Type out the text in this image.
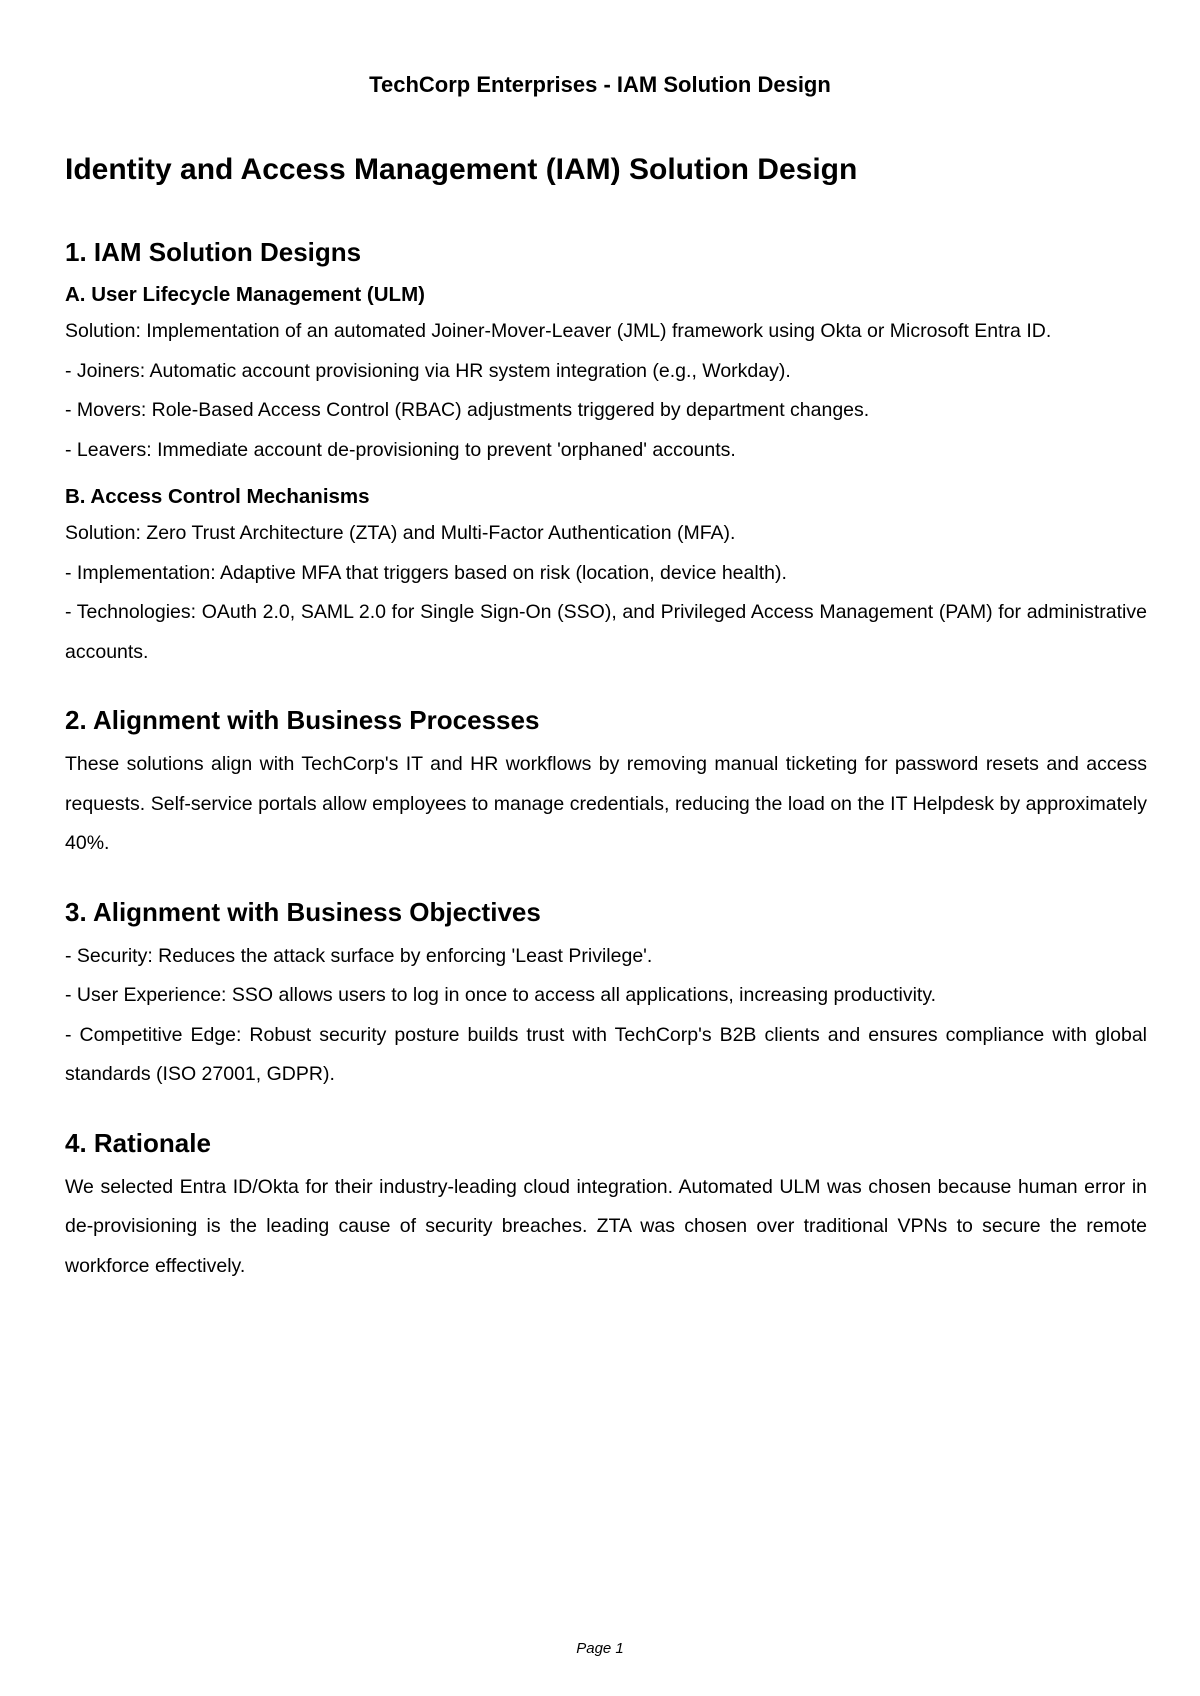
TechCorp Enterprises - IAM Solution Design
Identity and Access Management (IAM) Solution Design
1. IAM Solution Designs
A. User Lifecycle Management (ULM)

Solution: Implementation of an automated Joiner-Mover-Leaver (JML) framework using Okta or Microsoft Entra ID.

- Joiners: Automatic account provisioning via HR system integration (e.g., Workday).

- Movers: Role-Based Access Control (RBAC) adjustments triggered by department changes.

- Leavers: Immediate account de-provisioning to prevent 'orphaned' accounts.

B. Access Control Mechanisms

Solution: Zero Trust Architecture (ZTA) and Multi-Factor Authentication (MFA).

- Implementation: Adaptive MFA that triggers based on risk (location, device health).

- Technologies: OAuth 2.0, SAML 2.0 for Single Sign-On (SSO), and Privileged Access Management (PAM) for administrative accounts.

2. Alignment with Business Processes

These solutions align with TechCorp's IT and HR workflows by removing manual ticketing for password resets and access requests. Self-service portals allow employees to manage credentials, reducing the load on the IT Helpdesk by approximately 40%.

3. Alignment with Business Objectives

- Security: Reduces the attack surface by enforcing 'Least Privilege'.

- User Experience: SSO allows users to log in once to access all applications, increasing productivity.

- Competitive Edge: Robust security posture builds trust with TechCorp's B2B clients and ensures compliance with global standards (ISO 27001, GDPR).

4. Rationale

We selected Entra ID/Okta for their industry-leading cloud integration. Automated ULM was chosen because human error in de-provisioning is the leading cause of security breaches. ZTA was chosen over traditional VPNs to secure the remote workforce effectively.

Page 1
